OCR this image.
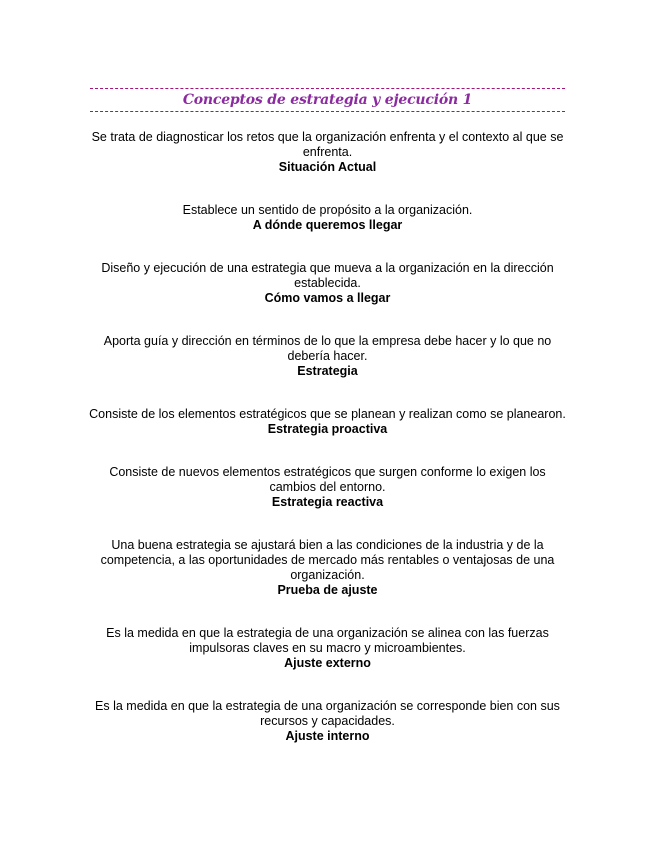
Conceptos de estrategia y ejecución 1

Se trata de diagnosticar los retos que la organización enfrenta y el contexto al que se enfrenta.

Situación Actual

Establece un sentido de propósito a la organización.

A dónde queremos llegar

Diseño y ejecución de una estrategia que mueva a la organización en la dirección establecida.

Cómo vamos a llegar

Aporta guía y dirección en términos de lo que la empresa debe hacer y lo que no debería hacer.

Estrategia

Consiste de los elementos estratégicos que se planean y realizan como se planearon.

Estrategia proactiva

Consiste de nuevos elementos estratégicos que surgen conforme lo exigen los cambios del entorno.

Estrategia reactiva

Una buena estrategia se ajustará bien a las condiciones de la industria y de la competencia, a las oportunidades de mercado más rentables o ventajosas de una organización.

Prueba de ajuste

Es la medida en que la estrategia de una organización se alinea con las fuerzas impulsoras claves en su macro y microambientes.

Ajuste externo

Es la medida en que la estrategia de una organización se corresponde bien con sus recursos y capacidades.

Ajuste interno
